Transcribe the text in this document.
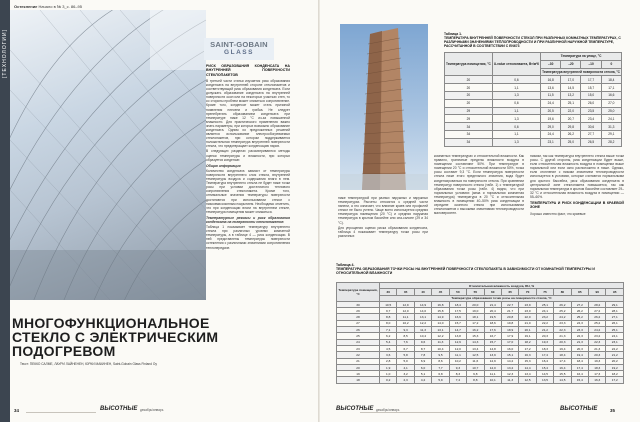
[ТЕХНОЛОГИИ]
Остекление Начало в № 3_с. 86–95
SAINT-GOBAIN
GLASS
РИСК ОБРАЗОВАНИЯ КОНДЕНСАТА НА ВНУТРЕННЕЙ ПОВЕРХНОСТИ СТЕКЛОПАКЕТОВ

В третьей части статьи изучается риск образования конденсата на внутренней стороне стеклопакетов и соответствующий риск образования конденсата. Если допускать образование конденсата на внутренней поверхности окон или на некоторых участках стен, то со стороны проблем может снизиться сопротивление. Кроме того, конденсат может стать причиной появления плесени и грибка. Не следует пренебрегать образованием конденсата при температуре ниже 12 °С из-за повышенной влажности. Для практического применения важно знать параметры, при которых возможно образование конденсата. Одним из предложенных решений является использование электрообогреваемых стеклопакетов, при котором поддерживается положительная температура внутренней поверхности стекла, что предотвращает конденсацию паров.

В следующих разделах рассматриваются методы оценки температуры и влажности, при которых образуется конденсат.

Общая информация

Количество конденсата зависит от температуры поверхности внутреннего слоя стекла, внутренней температуры воздуха и содержания влаги в нем. Температура внутреннего стекла не будет ниже точки росы при условии достаточного теплового сопротивления стеклопакета. Кроме того, оптимальные значения температуры поверхности достигаются при использовании стекол с низкоэмиссионным покрытием. Необходимо отметить, что при конденсации влаги на внутреннем стекле, температура помещения может снижаться.

Температурные режимы и риск образования конденсата на поверхности стеклопакетов

Таблица 1 показывает температуру внутреннего стекла при различных уровнях комнатной температуры, а в таблице 4 — риск конденсации. В ней представлены температуры поверхности остекления с различными значениями сопротивления теплопередаче.

МНОГОФУНКЦИОНАЛЬНОЕ СТЕКЛО С ЭЛЕКТРИЧЕСКИМ ПОДОГРЕВОМ
Текст: ПЕККО САЛМЕ, ЛАУРИ ЛАЙНЕНЕН, ЮРКИ МАКИНЕН, Saint-Gobain Glass Finland Oy
34	ВЫСОТНЫЕ декабрь/январь
Таблица 1.
ТЕМПЕРАТУРА ВНУТРЕННЕЙ ПОВЕРХНОСТИ СТЕКОЛ ПРИ РАЗЛИЧНЫХ КОМНАТНЫХ ТЕМПЕРАТУРАХ, С РАЗЛИЧНЫМИ ЗНАЧЕНИЯМИ ТЕПЛОПРОВОДНОСТИ И ПРИ РАЗЛИЧНОЙ НАРУЖНОЙ ТЕМПЕРАТУРЕ, РАССЧИТАННОЙ В СООТВЕТСТВИИ С EN673
Температура помещения, °С	U-value стеклопакета, Вт/м²К	Температура на улице, °С			
		–30	–20	–10	0
		Температура внутренней поверхности стекла, °С			
20	0,6	16,8	17,0	17,7	18,4
20	1,1	13,6	14,5	15,7	17,1
20	1,3	11,5	13,2	15,0	16,6
20	0,6	24,4	25,1	26,0	27,0
29	1,1	20,5	22,0	23,5	25,0
29	1,3	19,6	20,7	23,4	24,1
34	0,6	29,0	29,8	30,6	31,3
34	1,1	24,4	26,2	27,7	29,1
34	1,3	23,1	25,0	26,5	28,2

ниже температурой при разных наружных и наружных температурах. Расчеты относятся к средней части панели, а это означает, что влияние краев или профилей стекол не было учтено. Чаще всего используется средняя температура помещения (20 °С) и средняя наружная температура в крытом бассейне или спа-салоне (29 и 34 °С).

Для упрощения оценки риска образования конденсата, таблица 4 показывает температуру точки росы при различных

комнатных температурах и относительной влажности. Как правило, граничные пределы влажности воздуха в помещении составляют 50%. При температуре в помещении 20 °С и относительной влажности 50%, точка росы составит 9,3 °С. Если температура поверхности стекла ниже этого предельного значения, вода будет конденсироваться на поверхности стекла. При сравнении температур поверхности стекла (табл. 1) с температурой образования точки росы (табл. 4) видно, что при нормальных условиях (зима и нормальная комнатная температура) температура в 20 °С и относительная влажность в помещении 40–50% риск конденсации в середине оконного стекла при использовании стеклопакетов с высокими значениями теплопроводности маловероятен.

низким, так как температура внутреннего стекла выше точки росы. С другой стороны, риск конденсации будет выше, если относительная влажность воздуха в помещении выше нормальной или если окно расположено в нише. Однако, если отопление с низким значением теплопроводности используется в условиях, которые считаются нормальными для крытого бассейна, риск образования конденсата в центральной зоне стеклопакета повышается, так как нормальная температура в крытом бассейне составляет 29–32 °С и относительная влажность воздуха в помещении — 55–60%.

ТЕМПЕРАТУРА И РИСК КОНДЕНСАЦИИ В КРАЕВОЙ ЗОНЕ

Хорошо известно факт, что краевые

Таблица 4.
ТЕМПЕРАТУРА ОБРАЗОВАНИЯ ТОЧКИ РОСЫ НА ВНУТРЕННЕЙ ПОВЕРХНОСТИ СТЕКЛОПАКЕТА В ЗАВИСИМОСТИ ОТ КОМНАТНОЙ ТЕМПЕРАТУРЫ И ОТНОСИТЕЛЬНОЙ ВЛАЖНОСТИ
Температура помещения, °С	Относительная влажность воздуха, RH, %													
	30	35	40	45	50	55	60	65	70	75	80	85	90	95
	Температура образования точки росы на поверхности стекла, °С													
30	10,5	12,9	14,9	16,8	18,4	20,0	21,4	22,7	23,9	25,1	26,2	27,2	28,2	29,1
29	9,7	12,0	14,0	15,8	17,5	19,0	20,4	21,7	23,0	24,1	25,2	26,2	27,2	28,1
28	8,8	11,1	13,1	14,9	16,6	18,1	19,5	20,8	22,0	23,2	24,2	25,2	26,2	27,1
27	8,0	10,2	12,2	14,0	15,7	17,2	18,6	19,8	21,0	22,2	23,3	24,3	25,2	26,1
26	7,1	9,3	11,3	13,1	14,7	16,2	17,6	18,9	20,1	21,2	22,3	23,3	24,2	25,1
25	6,2	8,5	10,4	12,2	13,8	15,3	16,7	17,9	19,1	20,3	21,3	22,3	23,2	24,1
24	5,4	7,6	9,6	11,3	12,9	14,3	15,7	17,0	18,2	19,3	20,3	21,3	22,3	23,1
23	4,5	6,7	8,7	10,4	12,0	13,4	14,8	16,0	17,2	18,3	19,4	20,3	21,3	22,2
22	3,6	5,8	7,8	9,5	11,1	12,5	13,9	15,1	16,3	17,4	18,4	19,4	20,3	21,2
21	2,8	5,0	6,9	8,6	10,2	11,6	12,9	14,2	15,3	16,4	17,4	18,4	19,3	20,2
20	1,9	4,1	6,0	7,7	9,3	10,7	12,0	13,2	14,4	15,4	16,4	17,4	18,3	19,2
19	1,0	3,2	5,1	6,8	8,3	9,8	11,1	12,3	13,4	14,5	15,5	16,4	17,3	18,2
18	0,2	2,3	4,2	5,9	7,4	8,8	10,1	11,3	12,5	13,5	14,5	15,4	16,3	17,2
ВЫСОТНЫЕ декабрь/январь	ВЫСОТНЫЕ	35
